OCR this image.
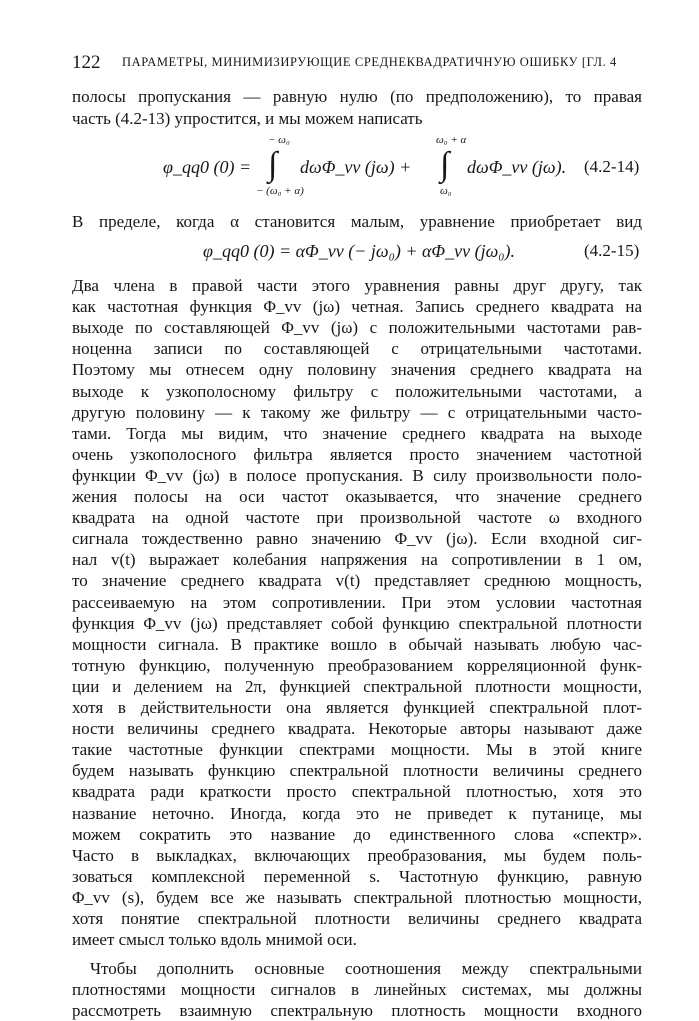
122 ПАРАМЕТРЫ, МИНИМИЗИРУЮЩИЕ СРЕДНЕКВАДРАТИЧНУЮ ОШИБКУ [ГЛ. 4
полосы пропускания — равную нулю (по предположению), то правая
часть (4.2-13) упростится, и мы можем написать
φ_qq0 (0) =
− ω₀
∫
− (ω₀ + α)
dωΦ_vv (jω) +
ω₀ + α
∫
ω₀
dωΦ_vv (jω). (4.2-14)
В пределе, когда α становится малым, уравнение приобретает вид
φ_qq0 (0) = αΦ_vv (− jω₀) + αΦ_vv (jω₀).	(4.2-15)
Два члена в правой части этого уравнения равны друг другу, так
как частотная функция Φ_vv (jω) четная. Запись среднего квадрата на
выходе по составляющей Φ_vv (jω) с положительными частотами рав-
ноценна записи по составляющей с отрицательными частотами.
Поэтому мы отнесем одну половину значения среднего квадрата на
выходе к узкополосному фильтру с положительными частотами, а
другую половину — к такому же фильтру — с отрицательными часто-
тами. Тогда мы видим, что значение среднего квадрата на выходе
очень узкополосного фильтра является просто значением частотной
функции Φ_vv (jω) в полосе пропускания. В силу произвольности поло-
жения полосы на оси частот оказывается, что значение среднего
квадрата на одной частоте при произвольной частоте ω входного
сигнала тождественно равно значению Φ_vv (jω). Если входной сиг-
нал v(t) выражает колебания напряжения на сопротивлении в 1 ом,
то значение среднего квадрата v(t) представляет среднюю мощность,
рассеиваемую на этом сопротивлении. При этом условии частотная
функция Φ_vv (jω) представляет собой функцию спектральной плотности
мощности сигнала. В практике вошло в обычай называть любую час-
тотную функцию, полученную преобразованием корреляционной функ-
ции и делением на 2π, функцией спектральной плотности мощности,
хотя в действительности она является функцией спектральной плот-
ности величины среднего квадрата. Некоторые авторы называют даже
такие частотные функции спектрами мощности. Мы в этой книге
будем называть функцию спектральной плотности величины среднего
квадрата ради краткости просто спектральной плотностью, хотя это
название неточно. Иногда, когда это не приведет к путанице, мы
можем сократить это название до единственного слова «спектр».
Часто в выкладках, включающих преобразования, мы будем поль-
зоваться комплексной переменной s. Частотную функцию, равную
Φ_vv (s), будем все же называть спектральной плотностью мощности,
хотя понятие спектральной плотности величины среднего квадрата
имеет смысл только вдоль мнимой оси.
Чтобы дополнить основные соотношения между спектральными
плотностями мощности сигналов в линейных системах, мы должны
рассмотреть взаимную спектральную плотность мощности входного
